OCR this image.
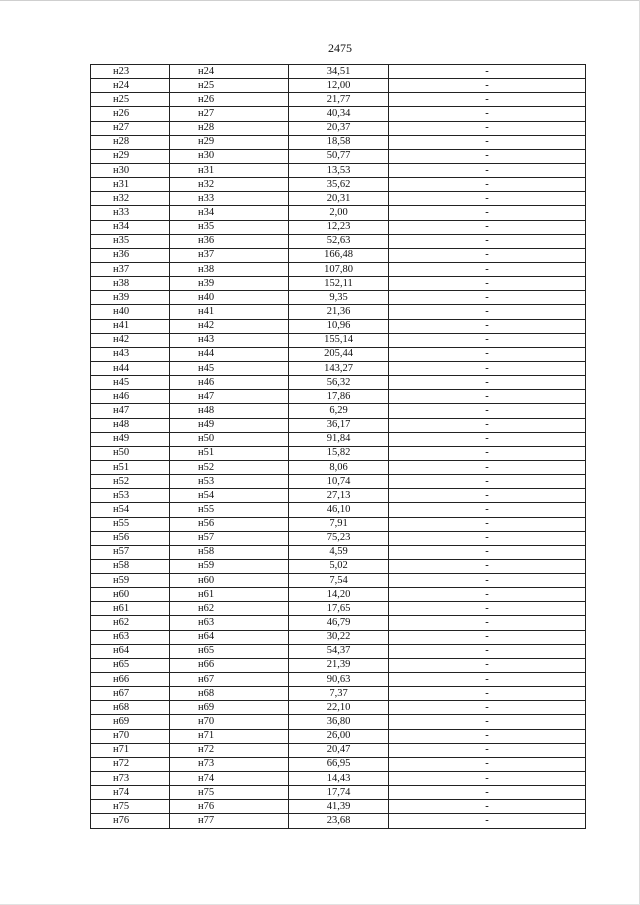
2475
н23	н24	34,51	-
н24	н25	12,00	-
н25	н26	21,77	-
н26	н27	40,34	-
н27	н28	20,37	-
н28	н29	18,58	-
н29	н30	50,77	-
н30	н31	13,53	-
н31	н32	35,62	-
н32	н33	20,31	-
н33	н34	2,00	-
н34	н35	12,23	-
н35	н36	52,63	-
н36	н37	166,48	-
н37	н38	107,80	-
н38	н39	152,11	-
н39	н40	9,35	-
н40	н41	21,36	-
н41	н42	10,96	-
н42	н43	155,14	-
н43	н44	205,44	-
н44	н45	143,27	-
н45	н46	56,32	-
н46	н47	17,86	-
н47	н48	6,29	-
н48	н49	36,17	-
н49	н50	91,84	-
н50	н51	15,82	-
н51	н52	8,06	-
н52	н53	10,74	-
н53	н54	27,13	-
н54	н55	46,10	-
н55	н56	7,91	-
н56	н57	75,23	-
н57	н58	4,59	-
н58	н59	5,02	-
н59	н60	7,54	-
н60	н61	14,20	-
н61	н62	17,65	-
н62	н63	46,79	-
н63	н64	30,22	-
н64	н65	54,37	-
н65	н66	21,39	-
н66	н67	90,63	-
н67	н68	7,37	-
н68	н69	22,10	-
н69	н70	36,80	-
н70	н71	26,00	-
н71	н72	20,47	-
н72	н73	66,95	-
н73	н74	14,43	-
н74	н75	17,74	-
н75	н76	41,39	-
н76	н77	23,68	-
